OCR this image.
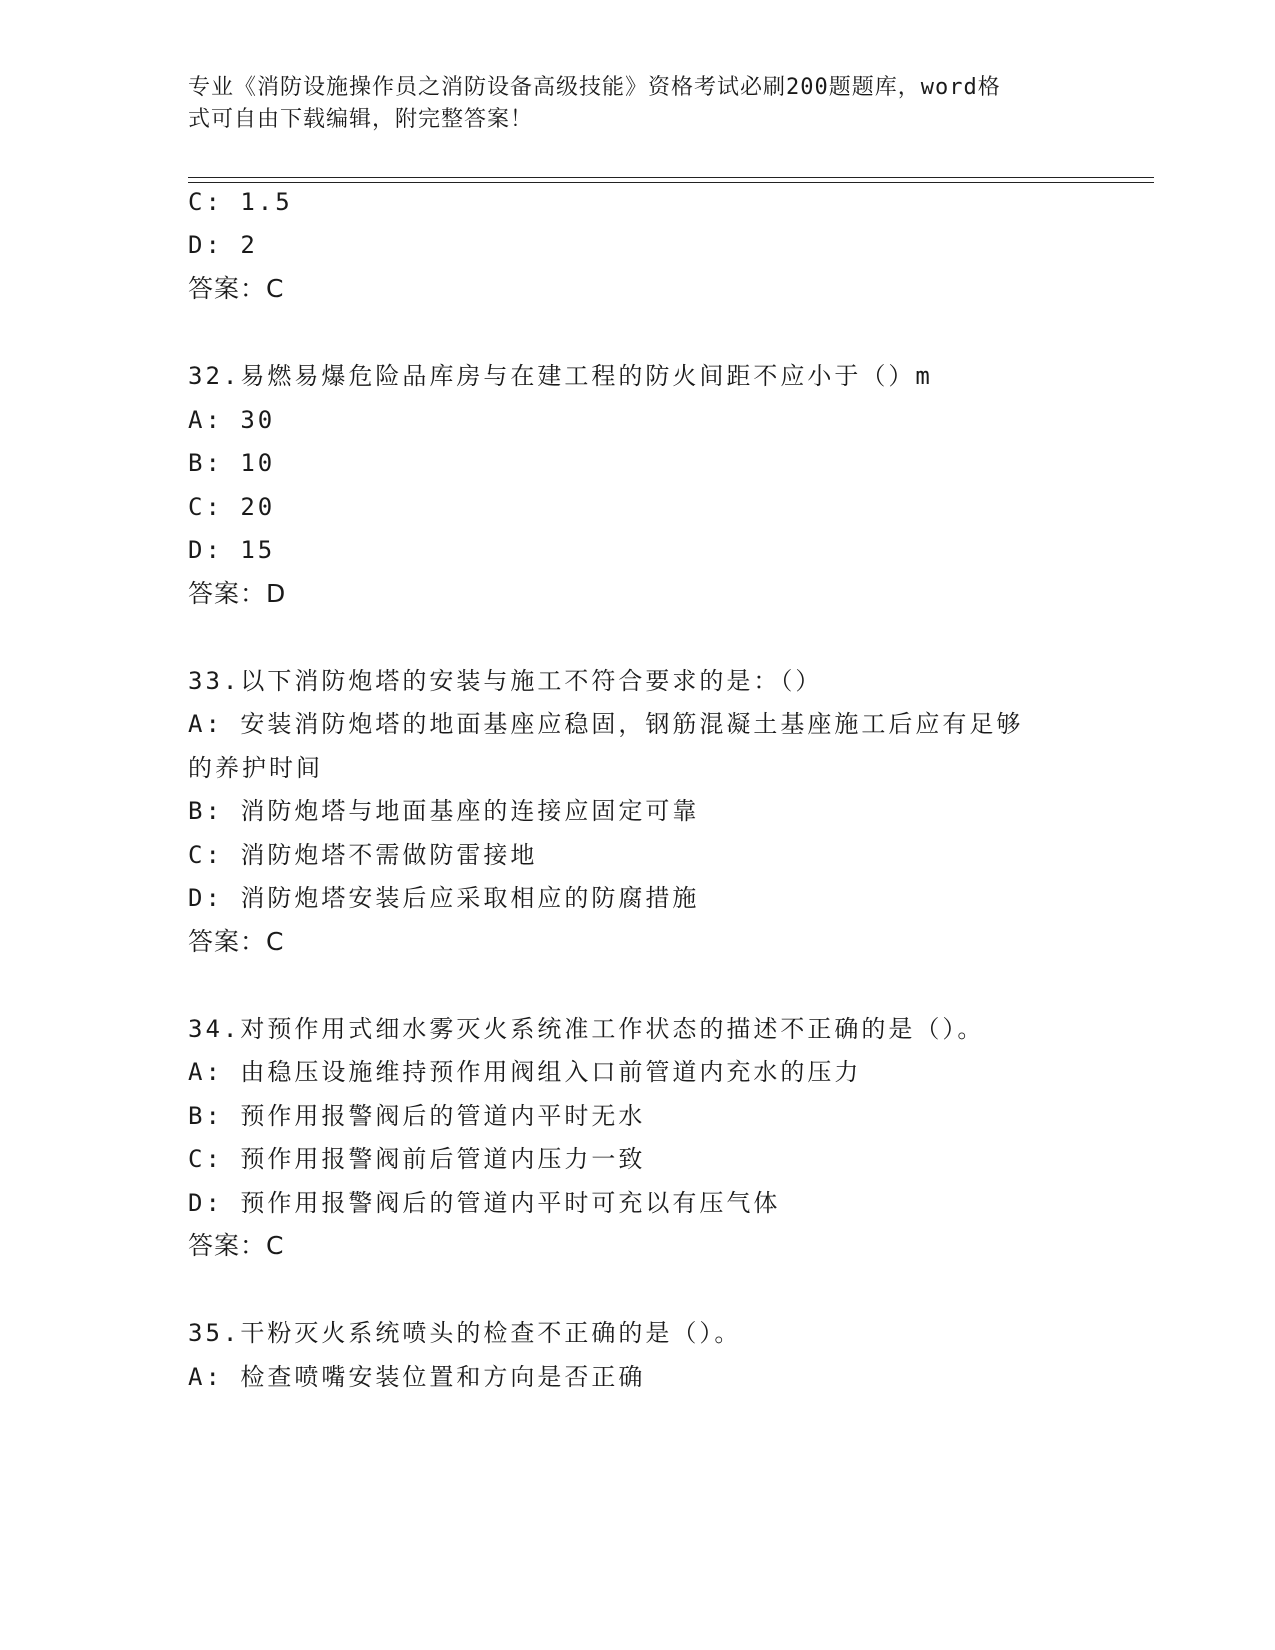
专业《消防设施操作员之消防设备高级技能》资格考试必刷200题题库，word格
式可自由下载编辑，附完整答案！
C: 1.5
D: 2
答案：C
32.易燃易爆危险品库房与在建工程的防火间距不应小于（）m
A: 30
B: 10
C: 20
D: 15
答案：D
33.以下消防炮塔的安装与施工不符合要求的是：（）
A: 安装消防炮塔的地面基座应稳固，钢筋混凝土基座施工后应有足够
的养护时间
B: 消防炮塔与地面基座的连接应固定可靠
C: 消防炮塔不需做防雷接地
D: 消防炮塔安装后应采取相应的防腐措施
答案：C
34.对预作用式细水雾灭火系统准工作状态的描述不正确的是（）。
A: 由稳压设施维持预作用阀组入口前管道内充水的压力
B: 预作用报警阀后的管道内平时无水
C: 预作用报警阀前后管道内压力一致
D: 预作用报警阀后的管道内平时可充以有压气体
答案：C
35.干粉灭火系统喷头的检查不正确的是（）。
A: 检查喷嘴安装位置和方向是否正确
